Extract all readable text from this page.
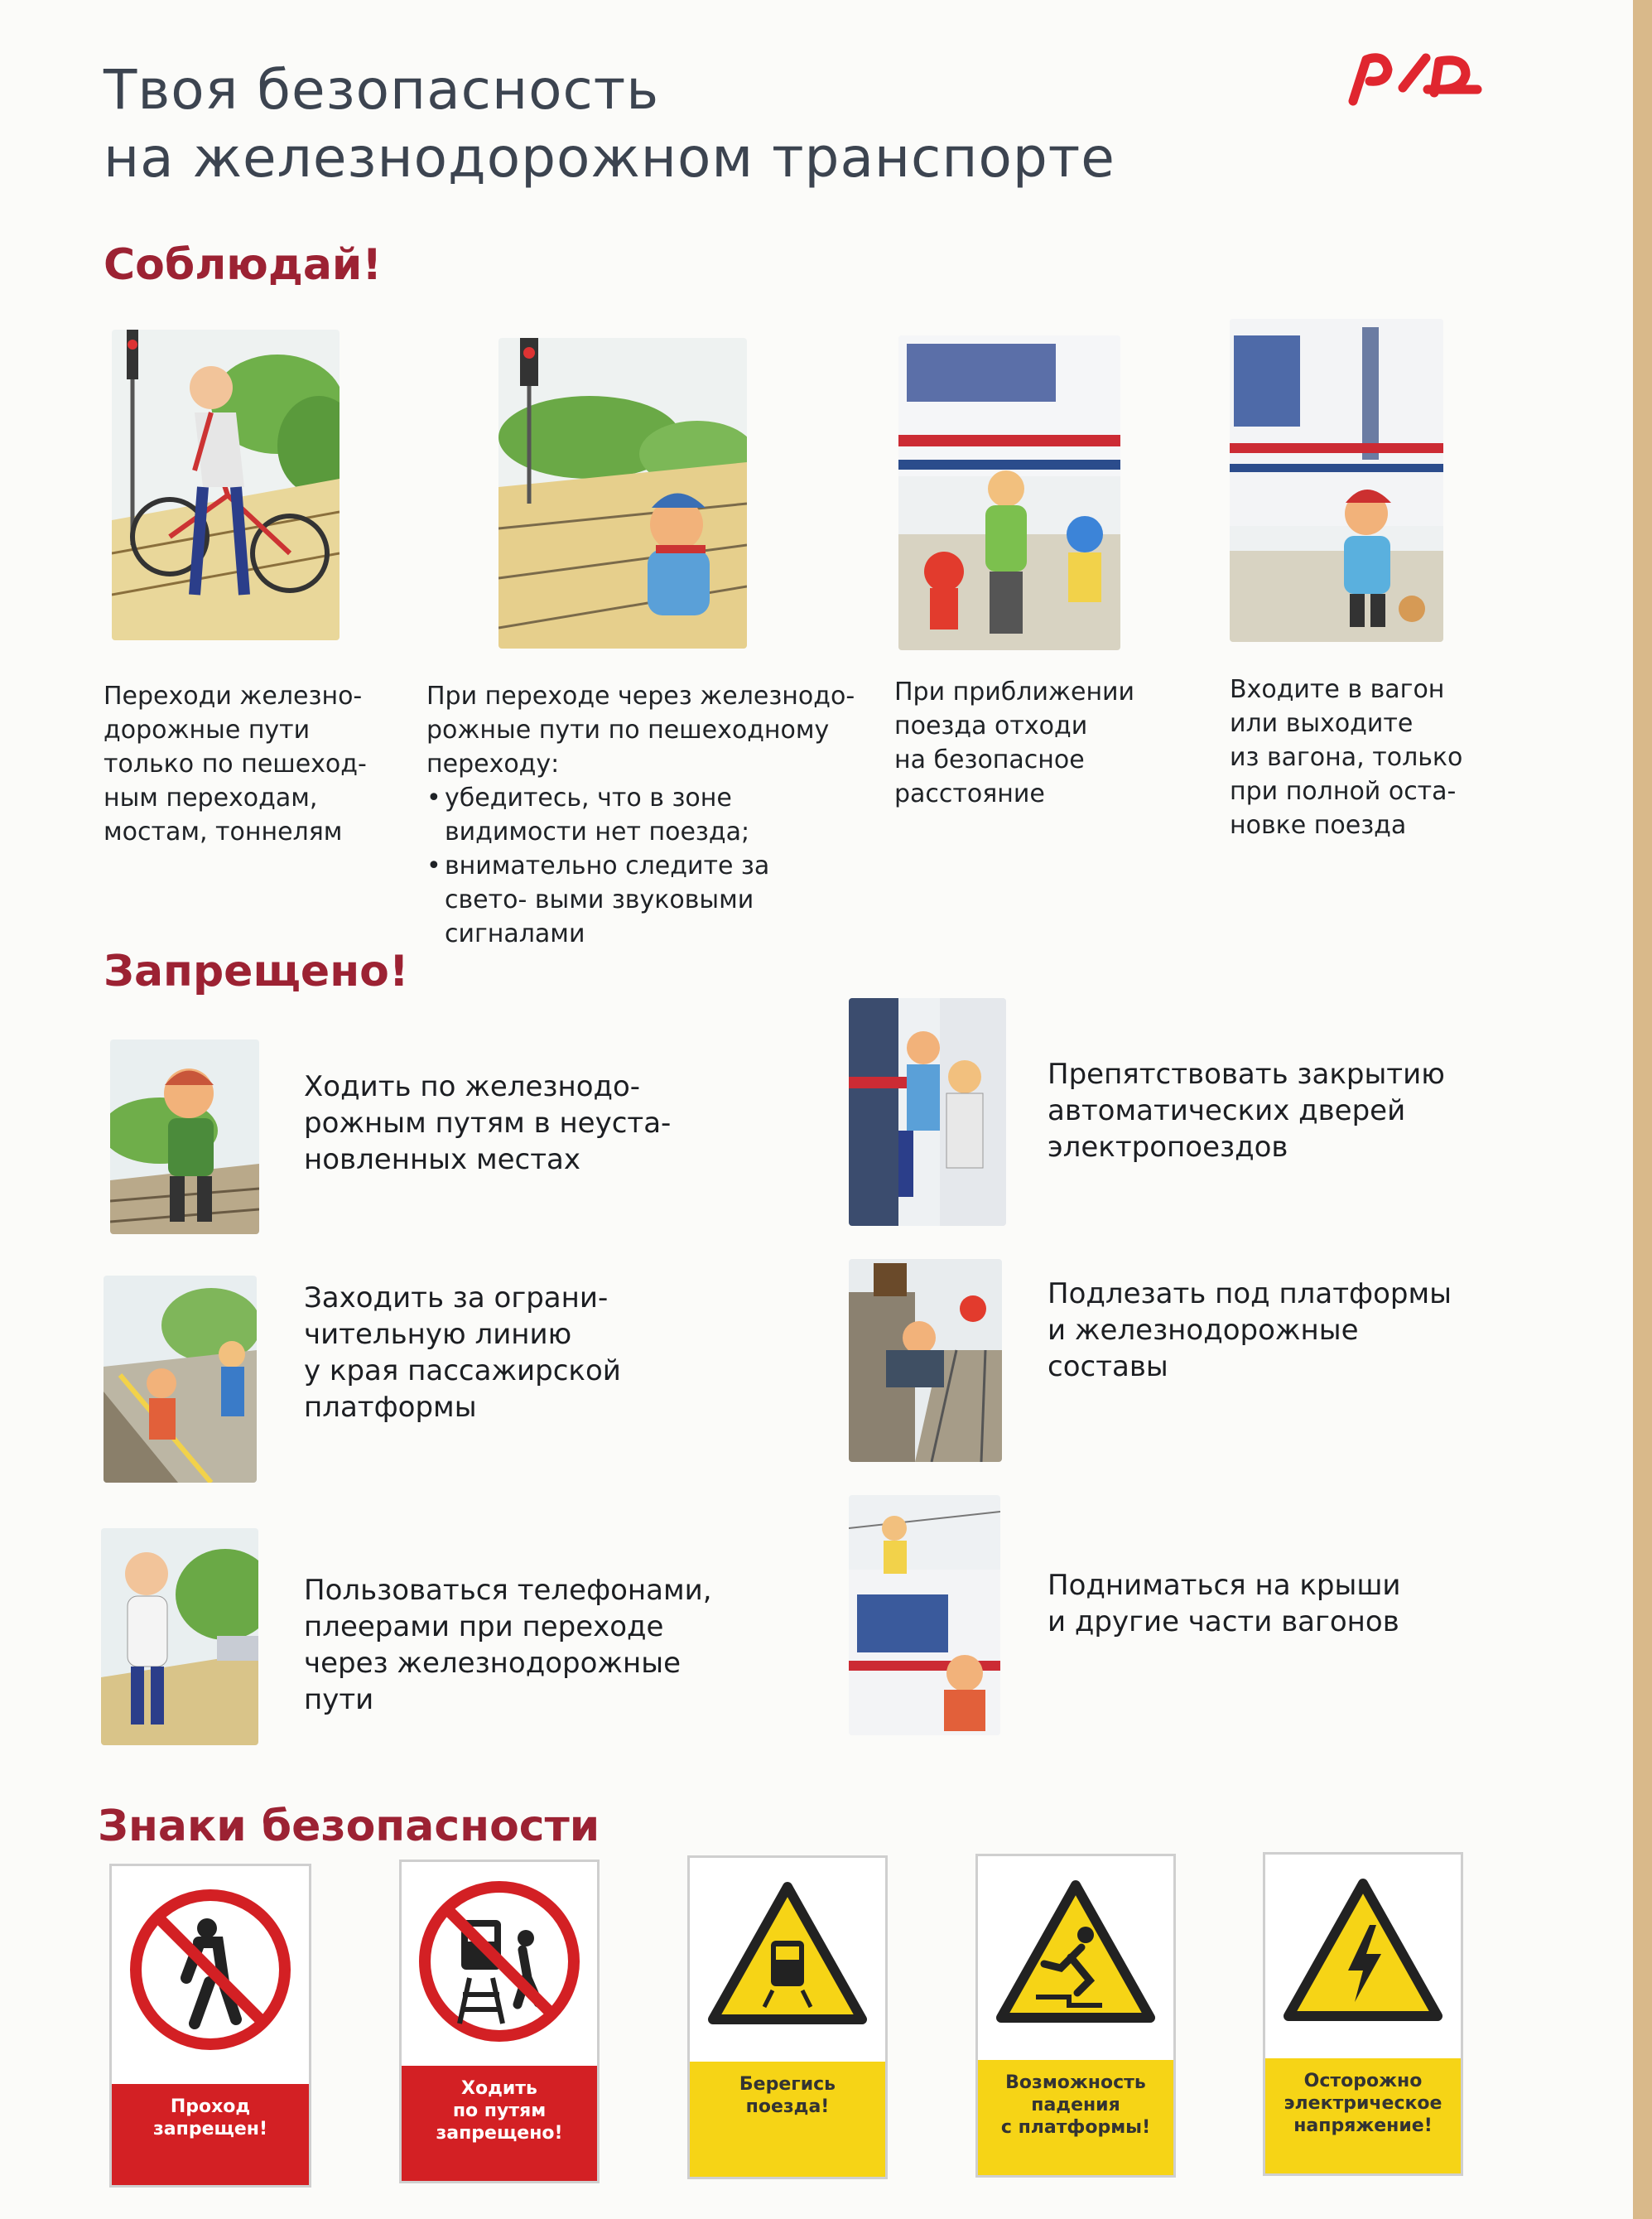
Твоя безопасность
на железнодорожном транспорте
Соблюдай!
Переходи железно-
дорожные пути
только по пешеход-
ным переходам,
мостам, тоннелям
При переходе через железнодо-
рожные пути по пешеходному
переходу:
• убедитесь, что в зоне видимости нет поезда;
• внимательно следите за свето- выми звуковыми сигналами
При приближении
поезда отходи
на безопасное
расстояние
Входите в вагон
или выходите
из вагона, только
при полной оста-
новке поезда
Запрещено!
Ходить по железнодо-
рожным путям в неуста-
новленных местах
Заходить за ограни-
чительную линию
у края пассажирской
платформы
Пользоваться телефонами,
плеерами при переходе
через железнодорожные
пути
Препятствовать закрытию
автоматических дверей
электропоездов
Подлезать под платформы
и железнодорожные
составы
Подниматься на крыши
и другие части вагонов
Знаки безопасности
Проход
запрещен!
Ходить
по путям
запрещено!
Берегись
поезда!
Возможность
падения
с платформы!
Осторожно
электрическое
напряжение!
